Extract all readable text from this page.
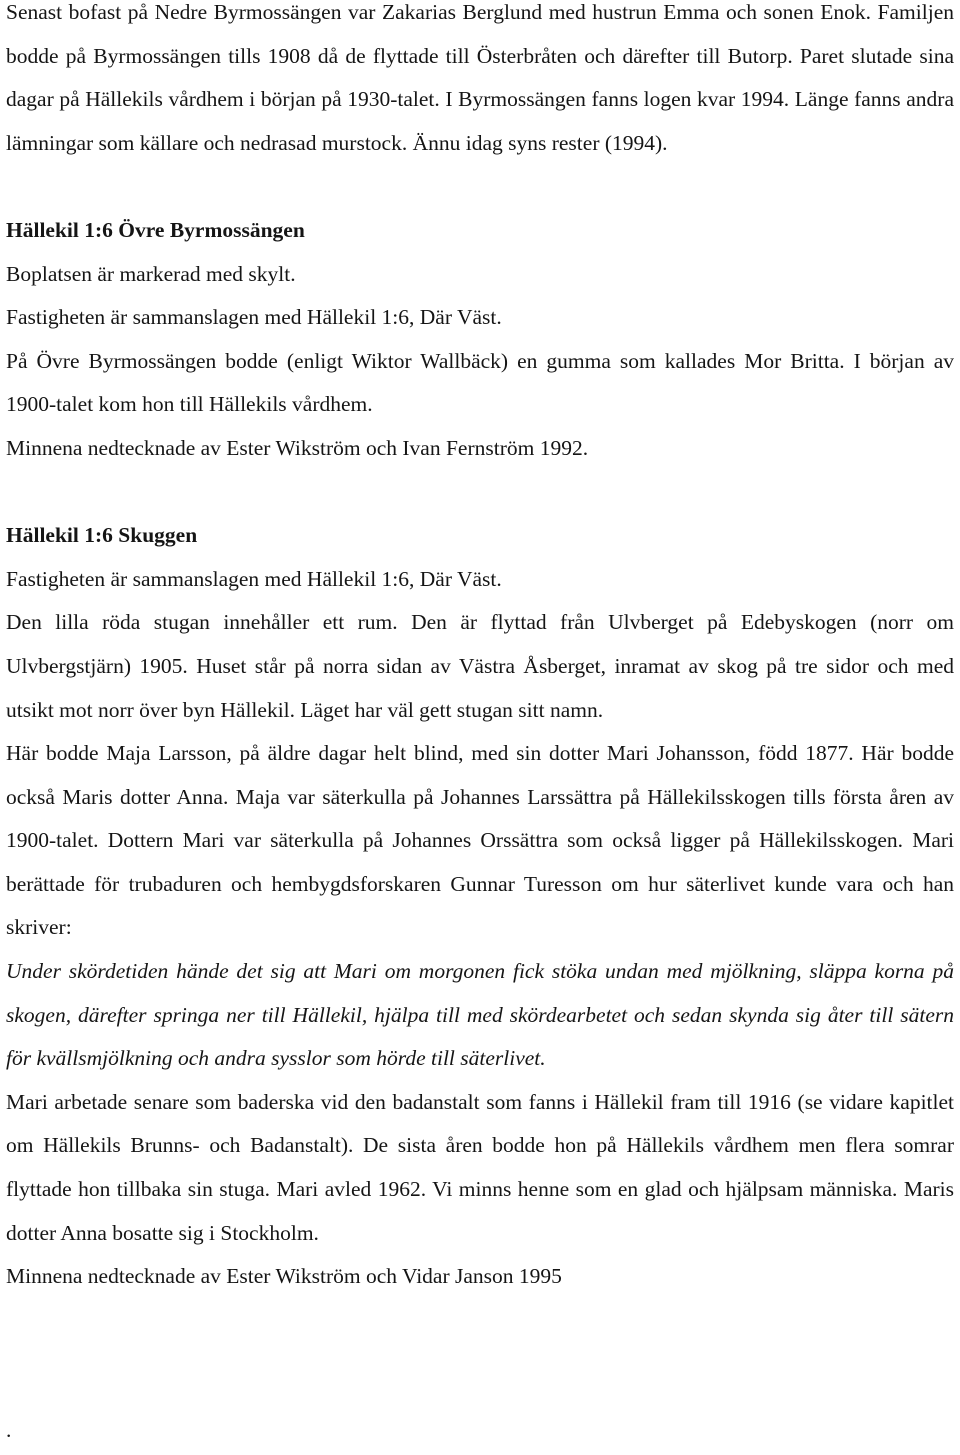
Senast bofast på Nedre Byrmossängen var Zakarias Berglund med hustrun Emma och sonen Enok. Familjen bodde på Byrmossängen tills 1908 då de flyttade till Österbråten och därefter till Butorp. Paret slutade sina dagar på Hällekils vårdhem i början på 1930-talet. I Byrmossängen fanns logen kvar 1994. Länge fanns andra lämningar som källare och nedrasad murstock. Ännu idag syns rester (1994).

Hällekil 1:6 Övre Byrmossängen

Boplatsen är markerad med skylt.

Fastigheten är sammanslagen med Hällekil 1:6, Där Väst.

På Övre Byrmossängen bodde (enligt Wiktor Wallbäck) en gumma som kallades Mor Britta. I början av 1900-talet kom hon till Hällekils vårdhem.

Minnena nedtecknade av Ester Wikström och Ivan Fernström 1992.

Hällekil 1:6 Skuggen

Fastigheten är sammanslagen med Hällekil 1:6, Där Väst.

Den lilla röda stugan innehåller ett rum. Den är flyttad från Ulvberget på Edebyskogen (norr om Ulvbergstjärn) 1905. Huset står på norra sidan av Västra Åsberget, inramat av skog på tre sidor och med utsikt mot norr över byn Hällekil. Läget har väl gett stugan sitt namn.

Här bodde Maja Larsson, på äldre dagar helt blind, med sin dotter Mari Johansson, född 1877. Här bodde också Maris dotter Anna. Maja var säterkulla på Johannes Larssättra på Hällekilsskogen tills första åren av 1900-talet. Dottern Mari var säterkulla på Johannes Orssättra som också ligger på Hällekilsskogen. Mari berättade för trubaduren och hembygdsforskaren Gunnar Turesson om hur säterlivet kunde vara och han skriver:

Under skördetiden hände det sig att Mari om morgonen fick stöka undan med mjölkning, släppa korna på skogen, därefter springa ner till Hällekil, hjälpa till med skördearbetet och sedan skynda sig åter till sätern för kvällsmjölkning och andra sysslor som hörde till säterlivet.

Mari arbetade senare som baderska vid den badanstalt som fanns i Hällekil fram till 1916 (se vidare kapitlet om Hällekils Brunns- och Badanstalt). De sista åren bodde hon på Hällekils vårdhem men flera somrar flyttade hon tillbaka sin stuga. Mari avled 1962. Vi minns henne som en glad och hjälpsam människa. Maris dotter Anna bosatte sig i Stockholm.

Minnena nedtecknade av Ester Wikström och Vidar Janson 1995

.
